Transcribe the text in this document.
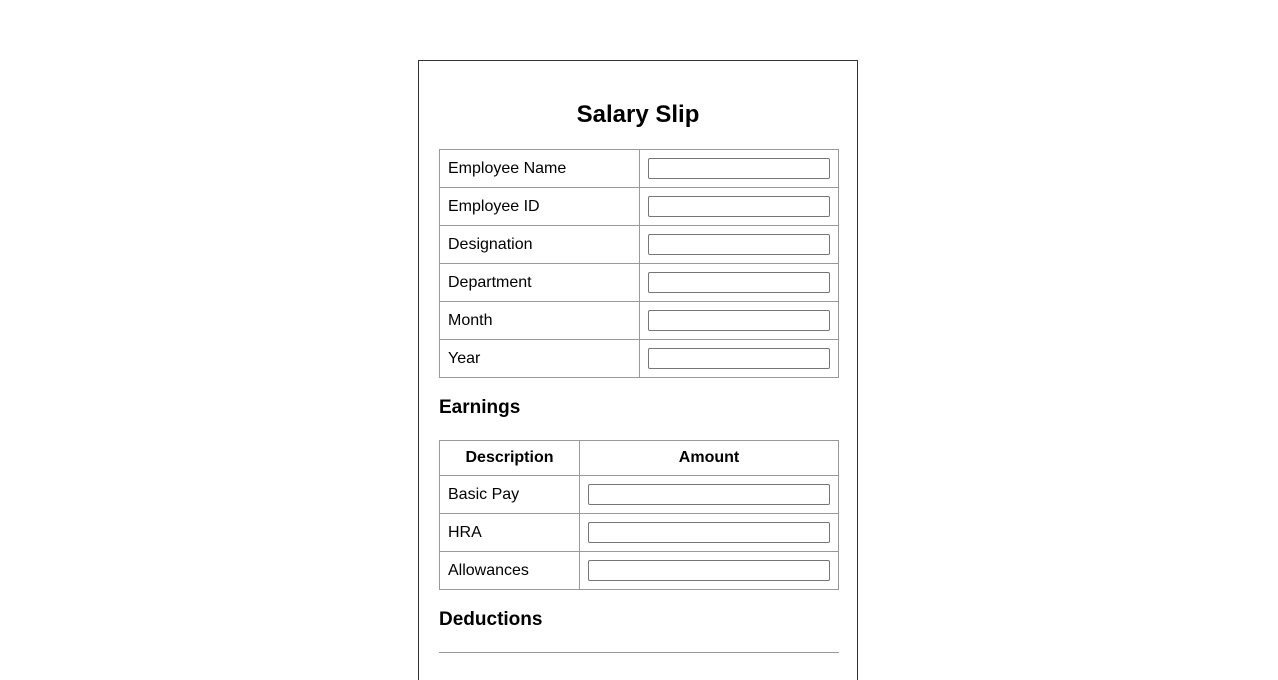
Salary Slip
Employee Name	

Employee ID	

Designation	

Department	

Month	

Year	
Earnings
Description	Amount
Basic Pay	

HRA	

Allowances	
Deductions
